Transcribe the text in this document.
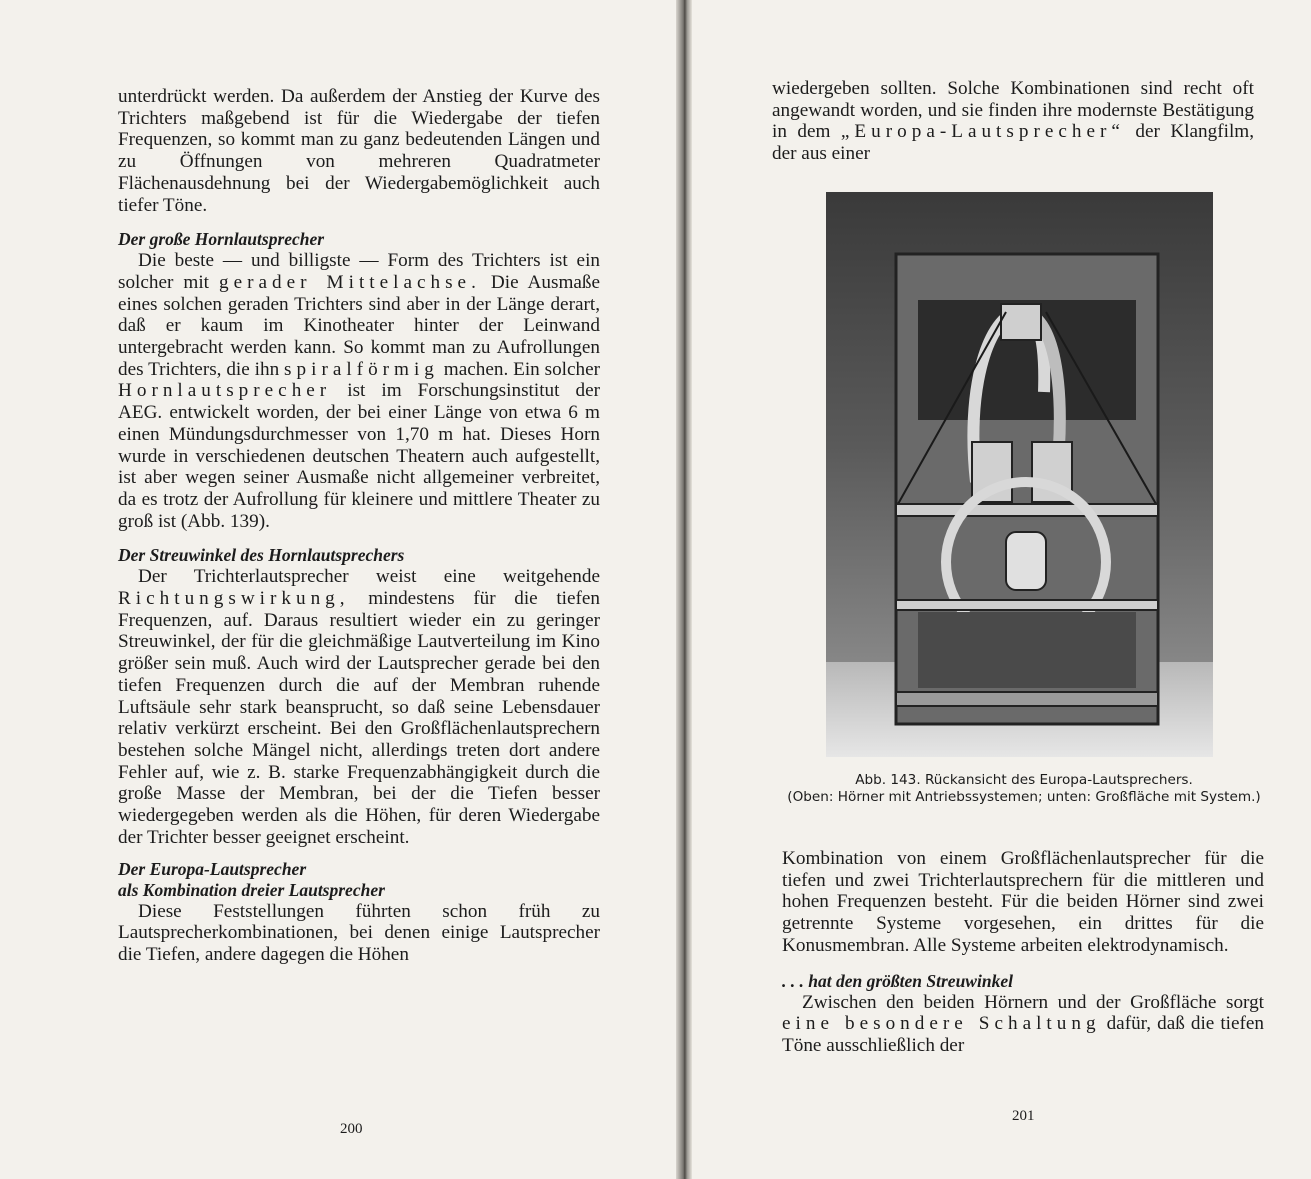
unterdrückt werden. Da außerdem der Anstieg der Kurve des Trichters maßgebend ist für die Wiedergabe der tiefen Frequenzen, so kommt man zu ganz bedeutenden Längen und zu Öffnungen von mehreren Quadratmeter Flächenausdehnung bei der Wiedergabemöglichkeit auch tiefer Töne.

Der große Hornlautsprecher

Die beste — und billigste — Form des Trichters ist ein solcher mit gerader Mittelachse. Die Ausmaße eines solchen geraden Trichters sind aber in der Länge derart, daß er kaum im Kinotheater hinter der Leinwand untergebracht werden kann. So kommt man zu Aufrollungen des Trichters, die ihn spiralförmig machen. Ein solcher Hornlautsprecher ist im Forschungsinstitut der AEG. entwickelt worden, der bei einer Länge von etwa 6 m einen Mündungsdurchmesser von 1,70 m hat. Dieses Horn wurde in verschiedenen deutschen Theatern auch aufgestellt, ist aber wegen seiner Ausmaße nicht allgemeiner verbreitet, da es trotz der Aufrollung für kleinere und mittlere Theater zu groß ist (Abb. 139).

Der Streuwinkel des Hornlautsprechers

Der Trichterlautsprecher weist eine weitgehende Richtungswirkung, mindestens für die tiefen Frequenzen, auf. Daraus resultiert wieder ein zu geringer Streuwinkel, der für die gleichmäßige Lautverteilung im Kino größer sein muß. Auch wird der Lautsprecher gerade bei den tiefen Frequenzen durch die auf der Membran ruhende Luftsäule sehr stark beansprucht, so daß seine Lebensdauer relativ verkürzt erscheint. Bei den Großflächenlautsprechern bestehen solche Mängel nicht, allerdings treten dort andere Fehler auf, wie z. B. starke Frequenzabhängigkeit durch die große Masse der Membran, bei der die Tiefen besser wiedergegeben werden als die Höhen, für deren Wiedergabe der Trichter besser geeignet erscheint.

Der Europa-Lautsprecher

als Kombination dreier Lautsprecher

Diese Feststellungen führten schon früh zu Lautsprecherkombinationen, bei denen einige Lautsprecher die Tiefen, andere dagegen die Höhen

200

wiedergeben sollten. Solche Kombinationen sind recht oft angewandt worden, und sie finden ihre modernste Bestätigung in dem „Europa-Lautsprecher“ der Klangfilm, der aus einer

Abb. 143. Rückansicht des Europa-Lautsprechers.
(Oben: Hörner mit Antriebssystemen; unten: Großfläche mit System.)

Kombination von einem Großflächenlautsprecher für die tiefen und zwei Trichterlautsprechern für die mittleren und hohen Frequenzen besteht. Für die beiden Hörner sind zwei getrennte Systeme vorgesehen, ein drittes für die Konusmembran. Alle Systeme arbeiten elektrodynamisch.

. . . hat den größten Streuwinkel

Zwischen den beiden Hörnern und der Großfläche sorgt eine besondere Schaltung dafür, daß die tiefen Töne ausschließlich der

201
